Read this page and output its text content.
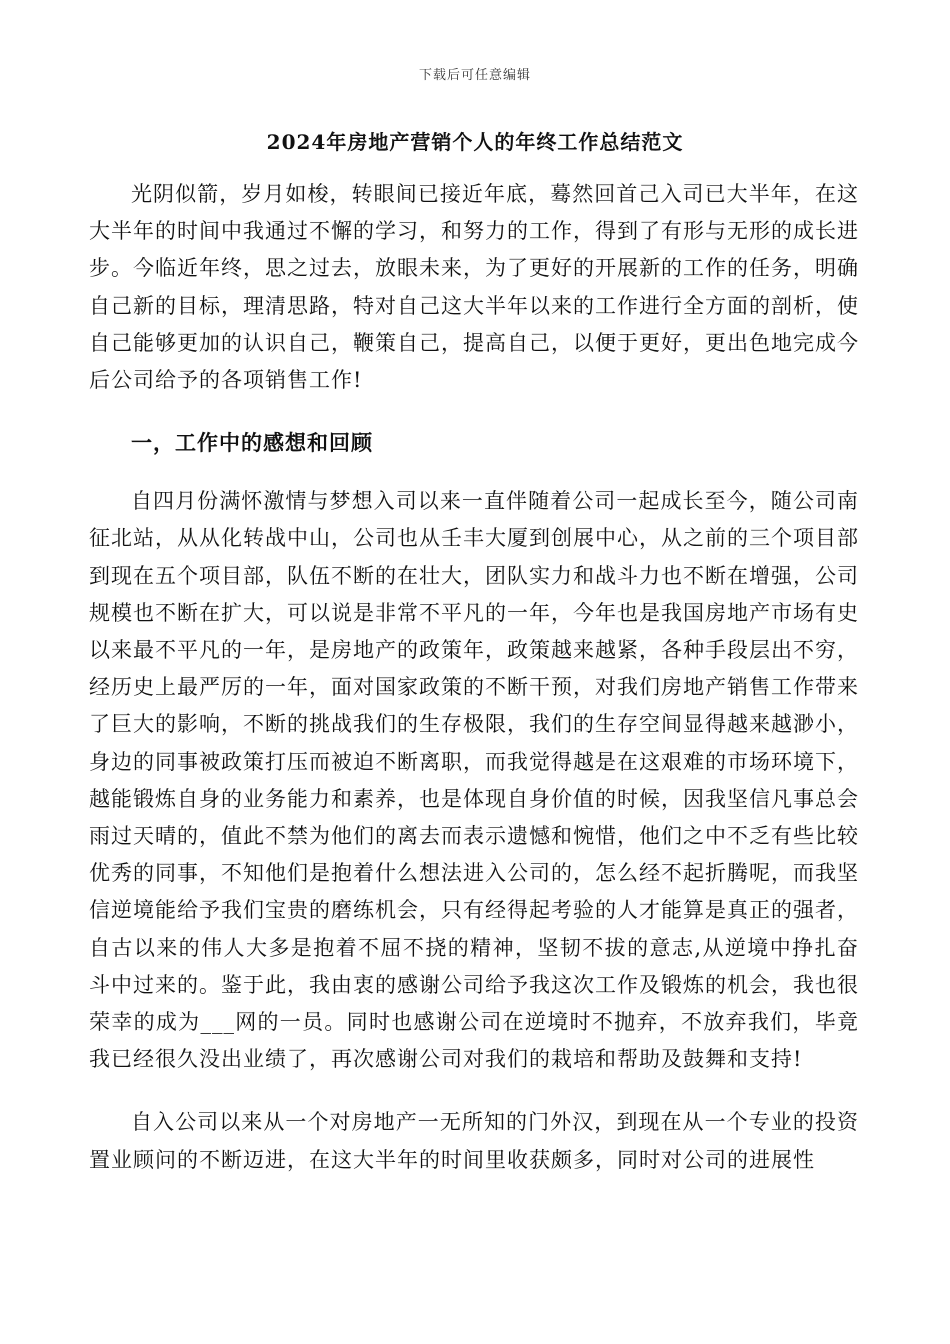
下载后可任意编辑
2024年房地产营销个人的年终工作总结范文

光阴似箭，岁月如梭，转眼间已接近年底，蓦然回首己入司已大半年，在这大半年的时间中我通过不懈的学习，和努力的工作，得到了有形与无形的成长进步。今临近年终，思之过去，放眼未来，为了更好的开展新的工作的任务，明确自己新的目标，理清思路，特对自己这大半年以来的工作进行全方面的剖析，使自己能够更加的认识自己，鞭策自己，提高自己，以便于更好，更出色地完成今后公司给予的各项销售工作!

一，工作中的感想和回顾

自四月份满怀激情与梦想入司以来一直伴随着公司一起成长至今，随公司南征北站，从从化转战中山，公司也从壬丰大厦到创展中心，从之前的三个项目部到现在五个项目部，队伍不断的在壮大，团队实力和战斗力也不断在增强，公司规模也不断在扩大，可以说是非常不平凡的一年，今年也是我国房地产市场有史以来最不平凡的一年，是房地产的政策年，政策越来越紧，各种手段层出不穷，经历史上最严厉的一年，面对国家政策的不断干预，对我们房地产销售工作带来了巨大的影响，不断的挑战我们的生存极限，我们的生存空间显得越来越渺小，身边的同事被政策打压而被迫不断离职，而我觉得越是在这艰难的市场环境下，越能锻炼自身的业务能力和素养，也是体现自身价值的时候，因我坚信凡事总会雨过天晴的，值此不禁为他们的离去而表示遗憾和惋惜，他们之中不乏有些比较优秀的同事，不知他们是抱着什么想法进入公司的，怎么经不起折腾呢，而我坚信逆境能给予我们宝贵的磨练机会，只有经得起考验的人才能算是真正的强者，自古以来的伟人大多是抱着不屈不挠的精神，坚韧不拔的意志,从逆境中挣扎奋斗中过来的。鉴于此，我由衷的感谢公司给予我这次工作及锻炼的机会，我也很荣幸的成为___网的一员。同时也感谢公司在逆境时不抛弃，不放弃我们，毕竟我已经很久没出业绩了，再次感谢公司对我们的栽培和帮助及鼓舞和支持!

自入公司以来从一个对房地产一无所知的门外汉，到现在从一个专业的投资置业顾问的不断迈进，在这大半年的时间里收获颇多，同时对公司的进展性
